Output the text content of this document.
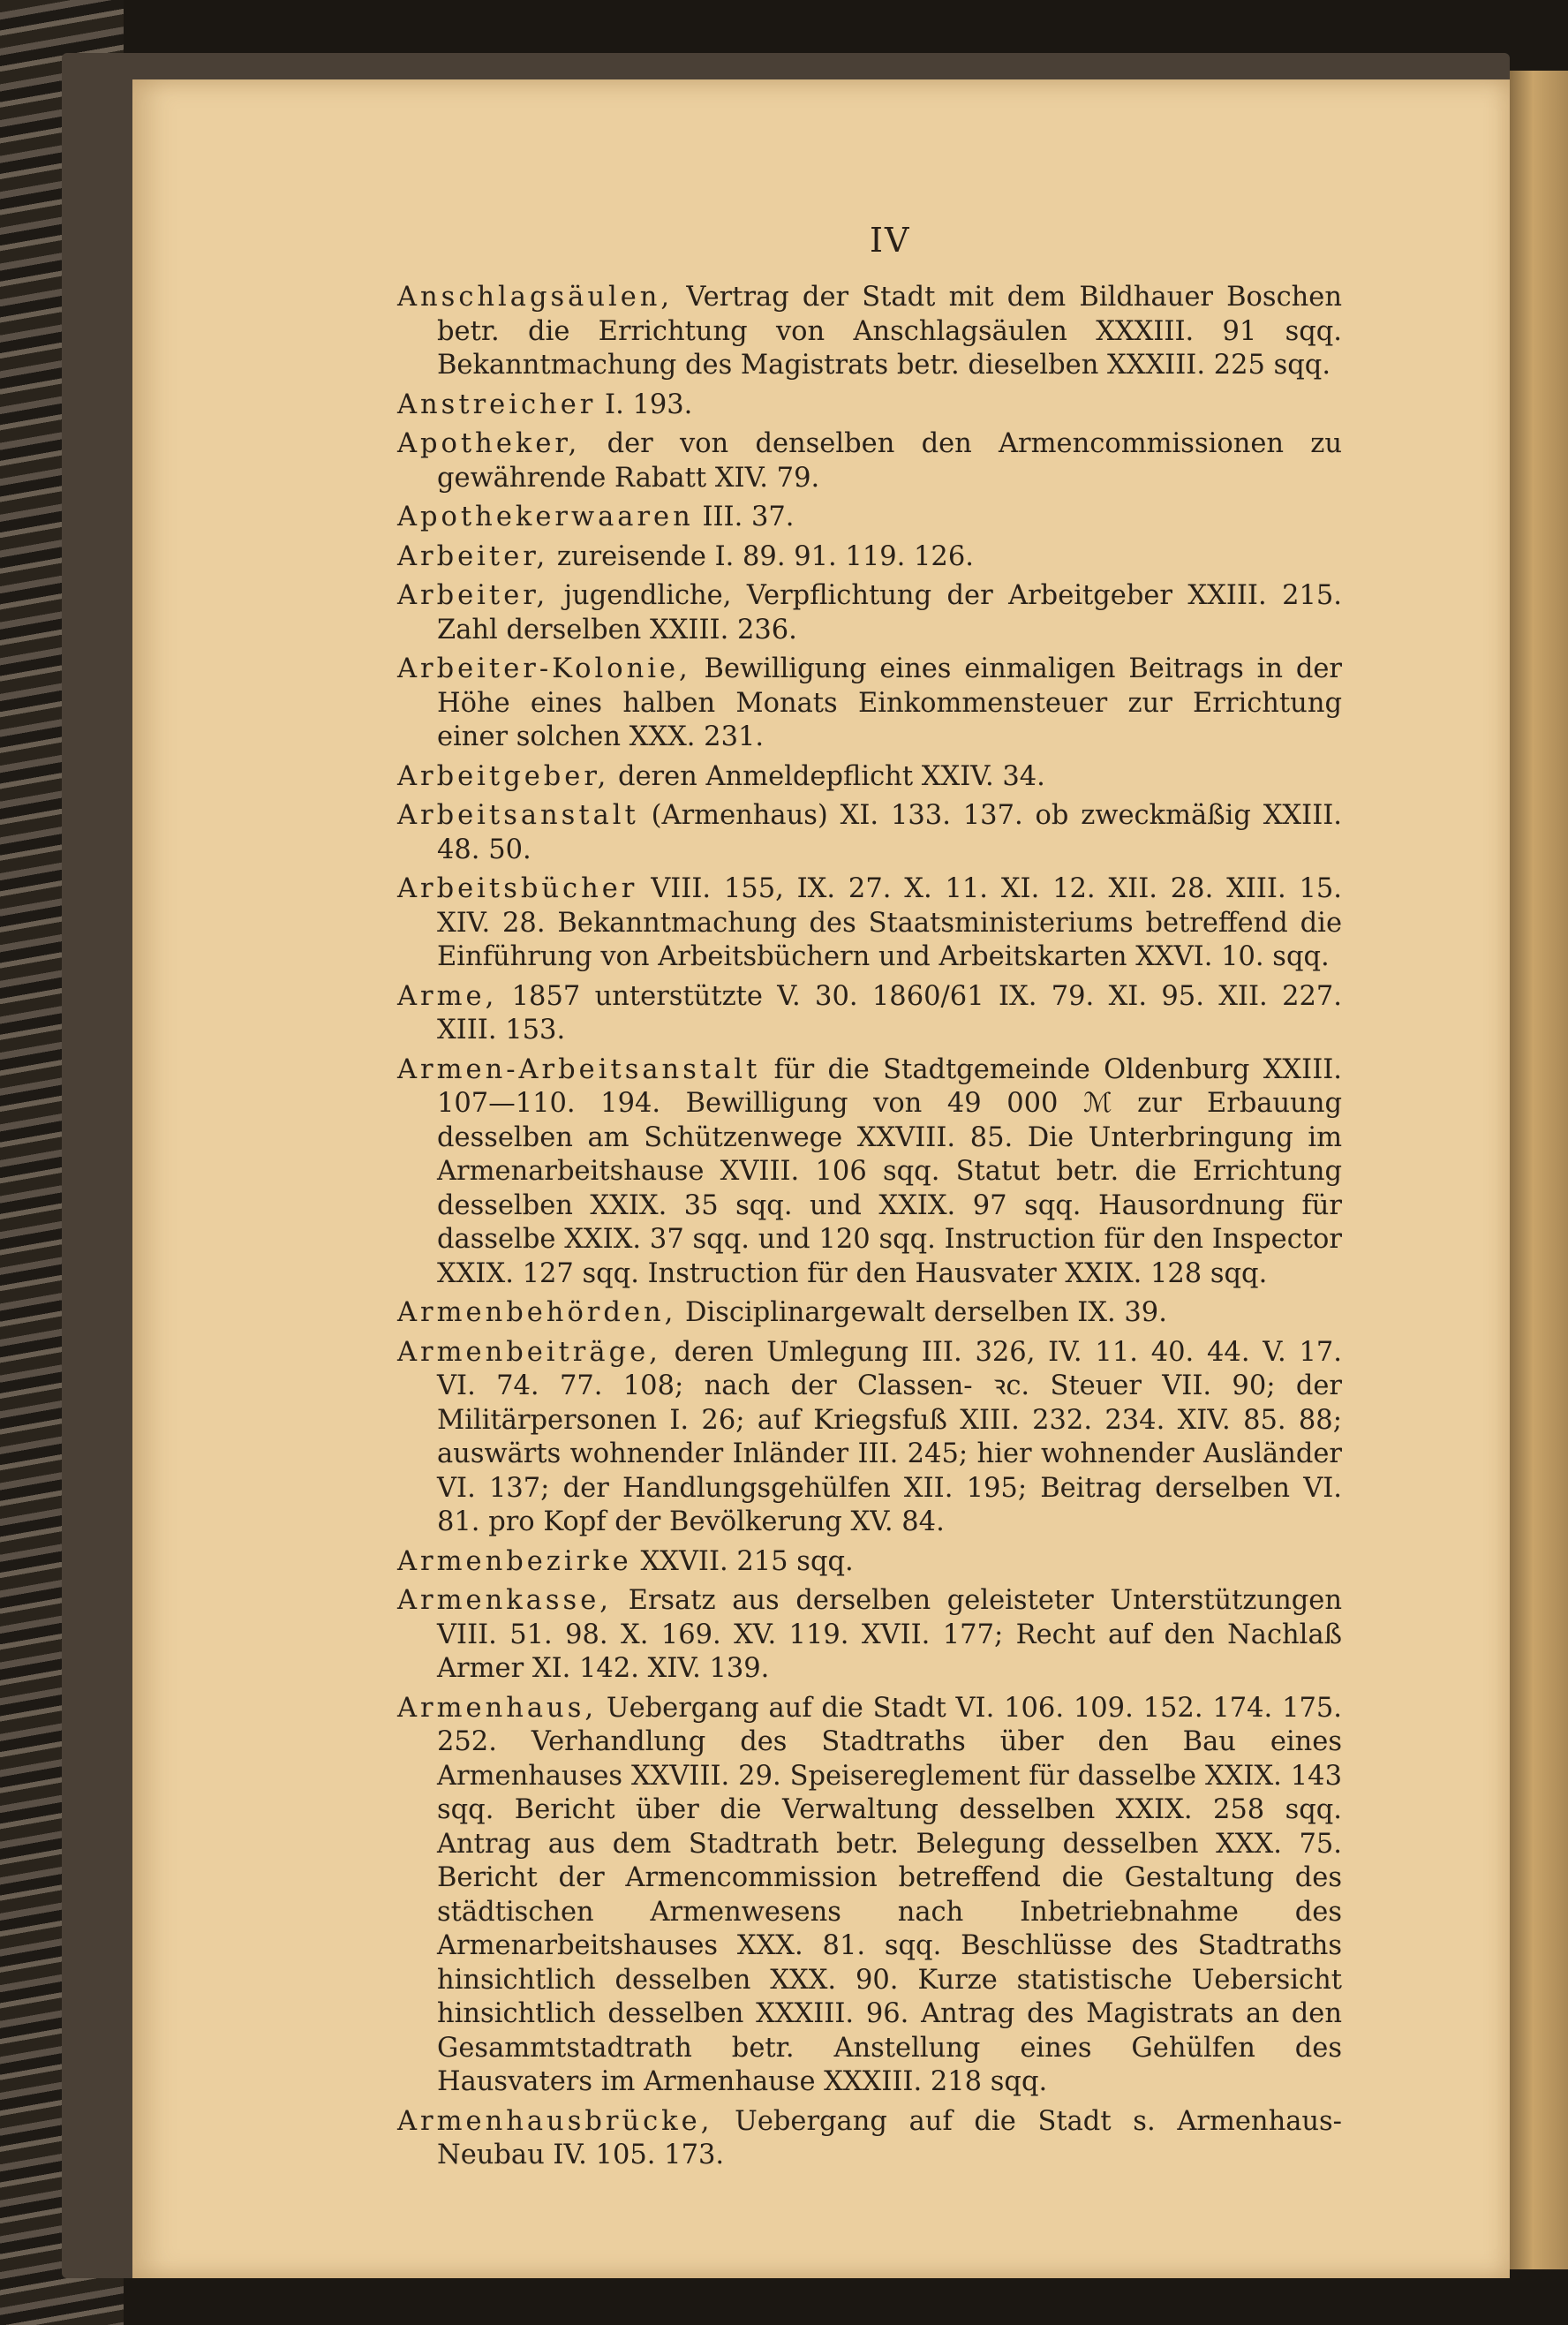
IV

Anschlagsäulen, Vertrag der Stadt mit dem Bildhauer Boschen betr. die Errichtung von Anschlagsäulen XXXIII. 91 sqq. Bekanntmachung des Magistrats betr. dieselben XXXIII. 225 sqq.

Anstreicher I. 193.

Apotheker, der von denselben den Armencommissionen zu gewährende Rabatt XIV. 79.

Apothekerwaaren III. 37.

Arbeiter, zureisende I. 89. 91. 119. 126.

Arbeiter, jugendliche, Verpflichtung der Arbeitgeber XXIII. 215. Zahl derselben XXIII. 236.

Arbeiter-Kolonie, Bewilligung eines einmaligen Beitrags in der Höhe eines halben Monats Einkommensteuer zur Errichtung einer solchen XXX. 231.

Arbeitgeber, deren Anmeldepflicht XXIV. 34.

Arbeitsanstalt (Armenhaus) XI. 133. 137. ob zweckmäßig XXIII. 48. 50.

Arbeitsbücher VIII. 155, IX. 27. X. 11. XI. 12. XII. 28. XIII. 15. XIV. 28. Bekanntmachung des Staatsministeriums betreffend die Einführung von Arbeitsbüchern und Arbeitskarten XXVI. 10. sqq.

Arme, 1857 unterstützte V. 30. 1860/61 IX. 79. XI. 95. XII. 227. XIII. 153.

Armen-Arbeitsanstalt für die Stadtgemeinde Oldenburg XXIII. 107—110. 194. Bewilligung von 49 000 ℳ zur Erbauung desselben am Schützenwege XXVIII. 85. Die Unterbringung im Armenarbeitshause XVIII. 106 sqq. Statut betr. die Errichtung desselben XXIX. 35 sqq. und XXIX. 97 sqq. Hausordnung für dasselbe XXIX. 37 sqq. und 120 sqq. Instruction für den Inspector XXIX. 127 sqq. Instruction für den Hausvater XXIX. 128 sqq.

Armenbehörden, Disciplinargewalt derselben IX. 39.

Armenbeiträge, deren Umlegung III. 326, IV. 11. 40. 44. V. 17. VI. 74. 77. 108; nach der Classen- ꝛc. Steuer VII. 90; der Militärpersonen I. 26; auf Kriegsfuß XIII. 232. 234. XIV. 85. 88; auswärts wohnender Inländer III. 245; hier wohnender Ausländer VI. 137; der Handlungsgehülfen XII. 195; Beitrag derselben VI. 81. pro Kopf der Bevölkerung XV. 84.

Armenbezirke XXVII. 215 sqq.

Armenkasse, Ersatz aus derselben geleisteter Unterstützungen VIII. 51. 98. X. 169. XV. 119. XVII. 177; Recht auf den Nachlaß Armer XI. 142. XIV. 139.

Armenhaus, Uebergang auf die Stadt VI. 106. 109. 152. 174. 175. 252. Verhandlung des Stadtraths über den Bau eines Armenhauses XXVIII. 29. Speisereglement für dasselbe XXIX. 143 sqq. Bericht über die Verwaltung desselben XXIX. 258 sqq. Antrag aus dem Stadtrath betr. Belegung desselben XXX. 75. Bericht der Armencommission betreffend die Gestaltung des städtischen Armenwesens nach Inbetriebnahme des Armenarbeitshauses XXX. 81. sqq. Beschlüsse des Stadtraths hinsichtlich desselben XXX. 90. Kurze statistische Uebersicht hinsichtlich desselben XXXIII. 96. Antrag des Magistrats an den Gesammtstadtrath betr. Anstellung eines Gehülfen des Hausvaters im Armenhause XXXIII. 218 sqq.

Armenhausbrücke, Uebergang auf die Stadt s. Armenhaus-Neubau IV. 105. 173.
